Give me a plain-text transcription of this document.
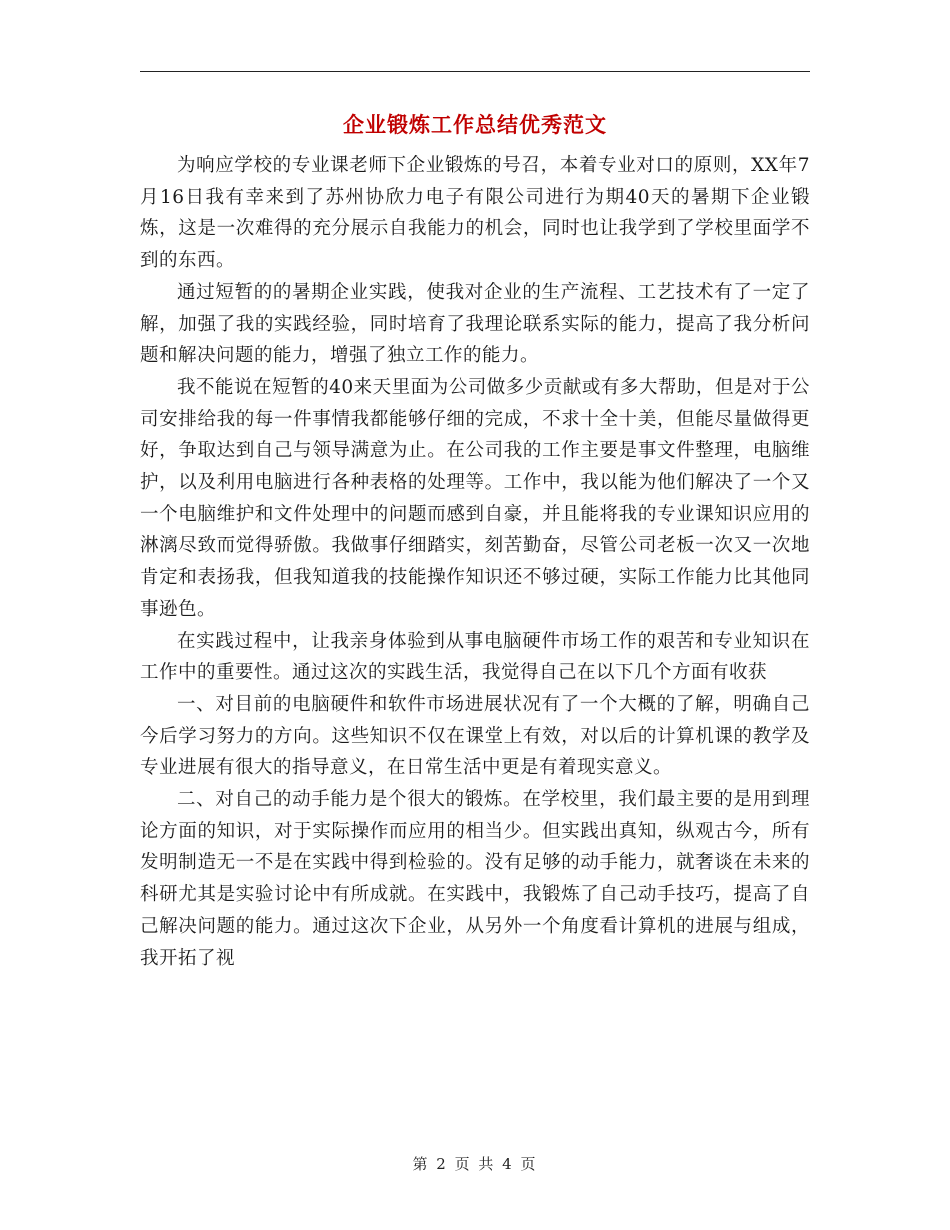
企业锻炼工作总结优秀范文

为响应学校的专业课老师下企业锻炼的号召，本着专业对口的原则，XX年7月16日我有幸来到了苏州协欣力电子有限公司进行为期40天的暑期下企业锻炼，这是一次难得的充分展示自我能力的机会，同时也让我学到了学校里面学不到的东西。

通过短暂的的暑期企业实践，使我对企业的生产流程、工艺技术有了一定了解，加强了我的实践经验，同时培育了我理论联系实际的能力，提高了我分析问题和解决问题的能力，增强了独立工作的能力。

我不能说在短暂的40来天里面为公司做多少贡献或有多大帮助，但是对于公司安排给我的每一件事情我都能够仔细的完成，不求十全十美，但能尽量做得更好，争取达到自己与领导满意为止。在公司我的工作主要是事文件整理，电脑维护，以及利用电脑进行各种表格的处理等。工作中，我以能为他们解决了一个又一个电脑维护和文件处理中的问题而感到自豪，并且能将我的专业课知识应用的淋漓尽致而觉得骄傲。我做事仔细踏实，刻苦勤奋，尽管公司老板一次又一次地肯定和表扬我，但我知道我的技能操作知识还不够过硬，实际工作能力比其他同事逊色。

在实践过程中，让我亲身体验到从事电脑硬件市场工作的艰苦和专业知识在工作中的重要性。通过这次的实践生活，我觉得自己在以下几个方面有收获

一、对目前的电脑硬件和软件市场进展状况有了一个大概的了解，明确自己今后学习努力的方向。这些知识不仅在课堂上有效，对以后的计算机课的教学及专业进展有很大的指导意义，在日常生活中更是有着现实意义。

二、对自己的动手能力是个很大的锻炼。在学校里，我们最主要的是用到理论方面的知识，对于实际操作而应用的相当少。但实践出真知，纵观古今，所有发明制造无一不是在实践中得到检验的。没有足够的动手能力，就奢谈在未来的科研尤其是实验讨论中有所成就。在实践中，我锻炼了自己动手技巧，提高了自己解决问题的能力。通过这次下企业，从另外一个角度看计算机的进展与组成，我开拓了视

第 2 页 共 4 页
